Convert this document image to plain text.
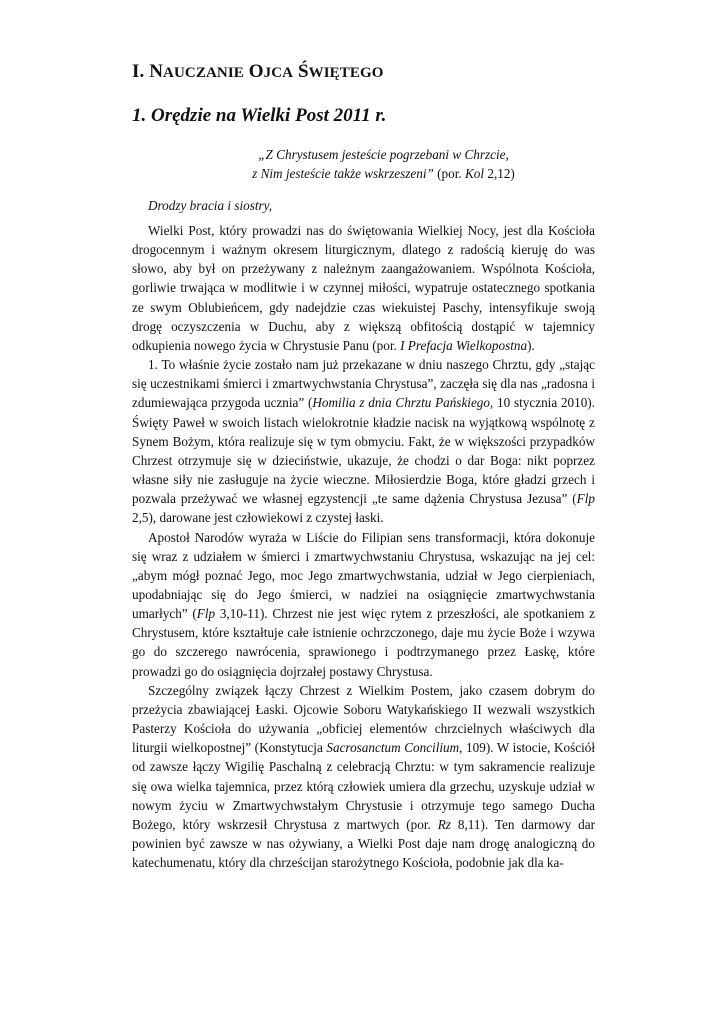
I. NAUCZANIE OJCA ŚWIĘTEGO
1. Orędzie na Wielki Post 2011 r.
„Z Chrystusem jesteście pogrzebani w Chrzcie,
z Nim jesteście także wskrzeszeni” (por. Kol 2,12)

Drodzy bracia i siostry,

Wielki Post, który prowadzi nas do świętowania Wielkiej Nocy, jest dla Kościoła drogocennym i ważnym okresem liturgicznym, dlatego z radością kieruję do was słowo, aby był on przeżywany z należnym zaangażowaniem. Wspólnota Kościoła, gorliwie trwająca w modlitwie i w czynnej miłości, wypatruje ostatecznego spotkania ze swym Oblubieńcem, gdy nadejdzie czas wiekuistej Paschy, intensyfikuje swoją drogę oczyszczenia w Duchu, aby z większą obfitością dostąpić w tajemnicy odkupienia nowego życia w Chrystusie Panu (por. I Prefacja Wielkopostna).

1. To właśnie życie zostało nam już przekazane w dniu naszego Chrztu, gdy „stając się uczestnikami śmierci i zmartwychwstania Chrystusa”, zaczęła się dla nas „radosna i zdumiewająca przygoda ucznia” (Homilia z dnia Chrztu Pańskiego, 10 stycznia 2010). Święty Paweł w swoich listach wielokrotnie kładzie nacisk na wyjątkową wspólnotę z Synem Bożym, która realizuje się w tym obmyciu. Fakt, że w większości przypadków Chrzest otrzymuje się w dzieciństwie, ukazuje, że chodzi o dar Boga: nikt poprzez własne siły nie zasługuje na życie wieczne. Miłosierdzie Boga, które gładzi grzech i pozwala przeżywać we własnej egzystencji „te same dążenia Chrystusa Jezusa” (Flp 2,5), darowane jest człowiekowi z czystej łaski.

Apostoł Narodów wyraża w Liście do Filipian sens transformacji, która dokonuje się wraz z udziałem w śmierci i zmartwychwstaniu Chrystusa, wskazując na jej cel: „abym mógł poznać Jego, moc Jego zmartwychwstania, udział w Jego cierpieniach, upodabniając się do Jego śmierci, w nadziei na osiągnięcie zmartwychwstania umarłych” (Flp 3,10-11). Chrzest nie jest więc rytem z przeszłości, ale spotkaniem z Chrystusem, które kształtuje całe istnienie ochrzczonego, daje mu życie Boże i wzywa go do szczerego nawrócenia, sprawionego i podtrzymanego przez Łaskę, które prowadzi go do osiągnięcia dojrzałej postawy Chrystusa.

Szczególny związek łączy Chrzest z Wielkim Postem, jako czasem dobrym do przeżycia zbawiającej Łaski. Ojcowie Soboru Watykańskiego II wezwali wszystkich Pasterzy Kościoła do używania „obficiej elementów chrzcielnych właściwych dla liturgii wielkopostnej” (Konstytucja Sacrosanctum Concilium, 109). W istocie, Kościół od zawsze łączy Wigilię Paschalną z celebracją Chrztu: w tym sakramencie realizuje się owa wielka tajemnica, przez którą człowiek umiera dla grzechu, uzyskuje udział w nowym życiu w Zmartwychwstałym Chrystusie i otrzymuje tego samego Ducha Bożego, który wskrzesił Chrystusa z martwych (por. Rz 8,11). Ten darmowy dar powinien być zawsze w nas ożywiany, a Wielki Post daje nam drogę analogiczną do katechumenatu, który dla chrześcijan starożytnego Kościoła, podobnie jak dla ka-
